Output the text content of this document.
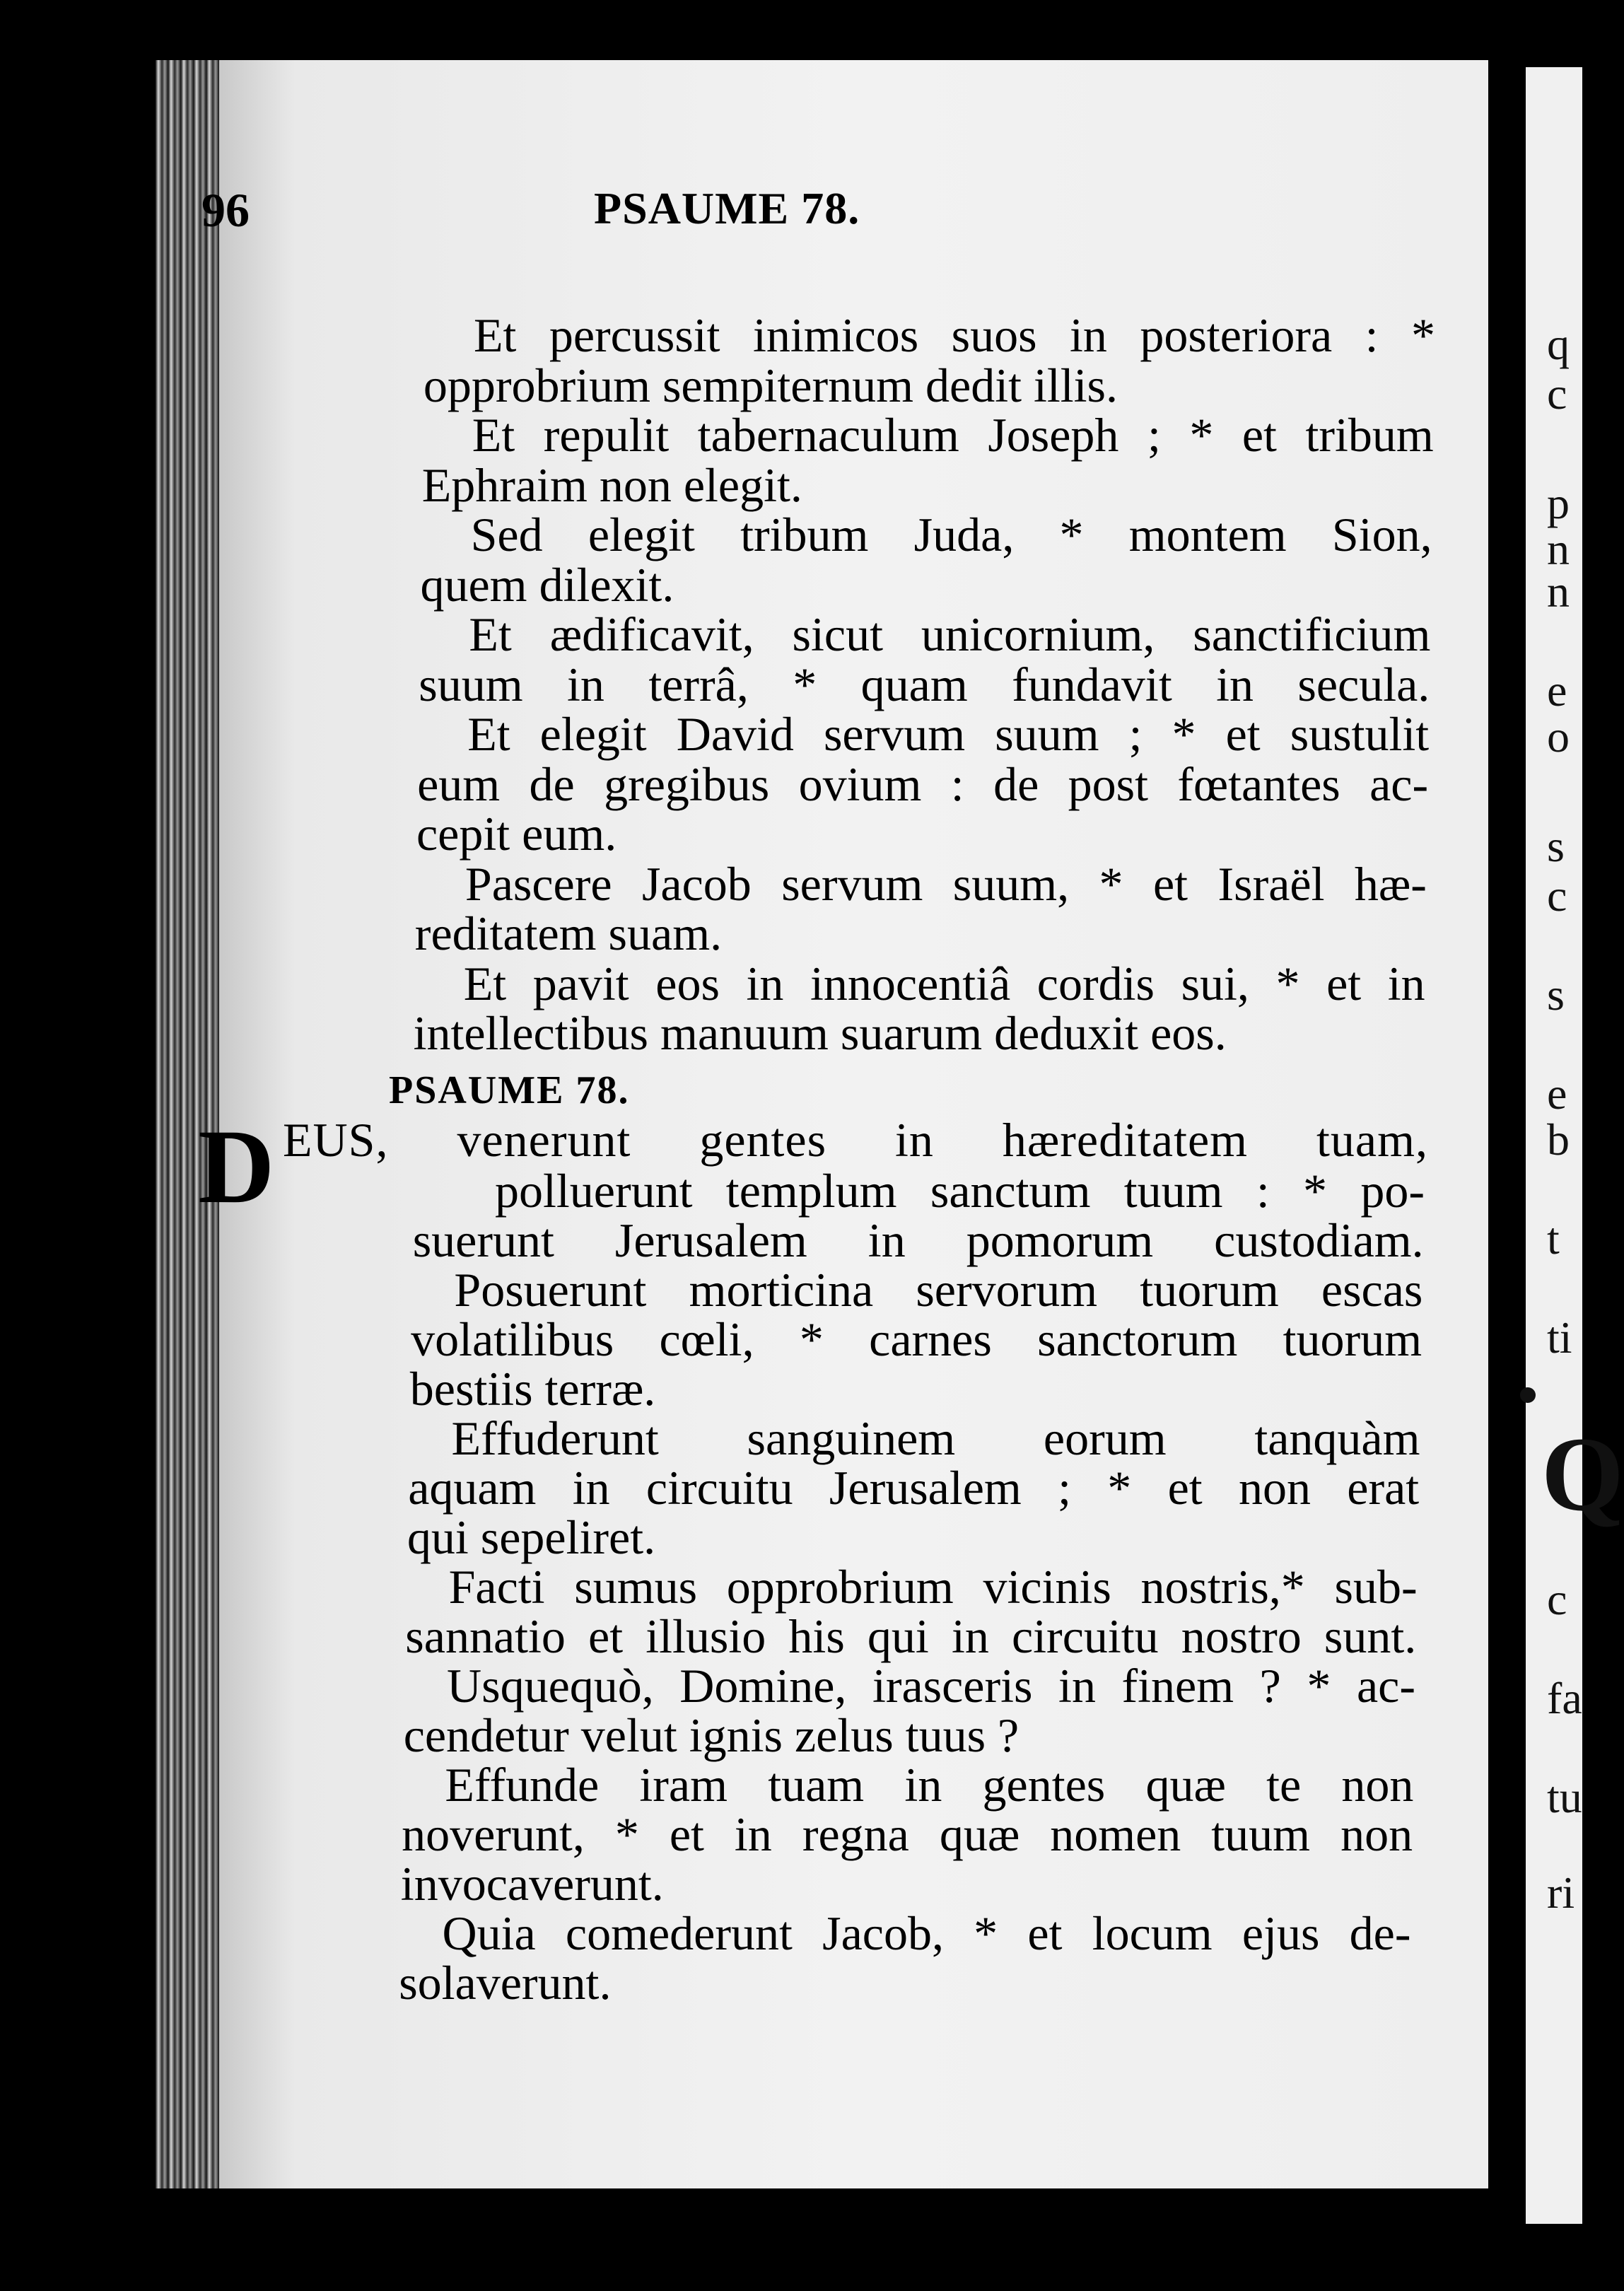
q
c
p
n
n
e
o
s
c
s
e
b
t
ti
Q
c
fa
tu
ri
96	PSAUME 78.
Et percussit inimicos suos in posteriora : *
opprobrium sempiternum dedit illis.
Et repulit tabernaculum Joseph ; * et tribum
Ephraim non elegit.
Sed elegit tribum Juda, * montem Sion,
quem dilexit.
Et ædificavit, sicut unicornium, sanctificium
suum in terrâ, * quam fundavit in secula.
Et elegit David servum suum ; * et sustulit
eum de gregibus ovium : de post fœtantes ac-
cepit eum.
Pascere Jacob servum suum, * et Israël hæ-
reditatem suam.
Et pavit eos in innocentiâ cordis sui, * et in
intellectibus manuum suarum deduxit eos.
PSAUME 78.
D EUS, venerunt gentes in hæreditatem tuam,
polluerunt templum sanctum tuum : * po-
suerunt Jerusalem in pomorum custodiam.
Posuerunt morticina servorum tuorum escas
volatilibus cœli, * carnes sanctorum tuorum
bestiis terræ.
Effuderunt sanguinem eorum tanquàm
aquam in circuitu Jerusalem ; * et non erat
qui sepeliret.
Facti sumus opprobrium vicinis nostris,* sub-
sannatio et illusio his qui in circuitu nostro sunt.
Usquequò, Domine, irasceris in finem ? * ac-
cendetur velut ignis zelus tuus ?
Effunde iram tuam in gentes quæ te non
noverunt, * et in regna quæ nomen tuum non
invocaverunt.
Quia comederunt Jacob, * et locum ejus de-
solaverunt.
